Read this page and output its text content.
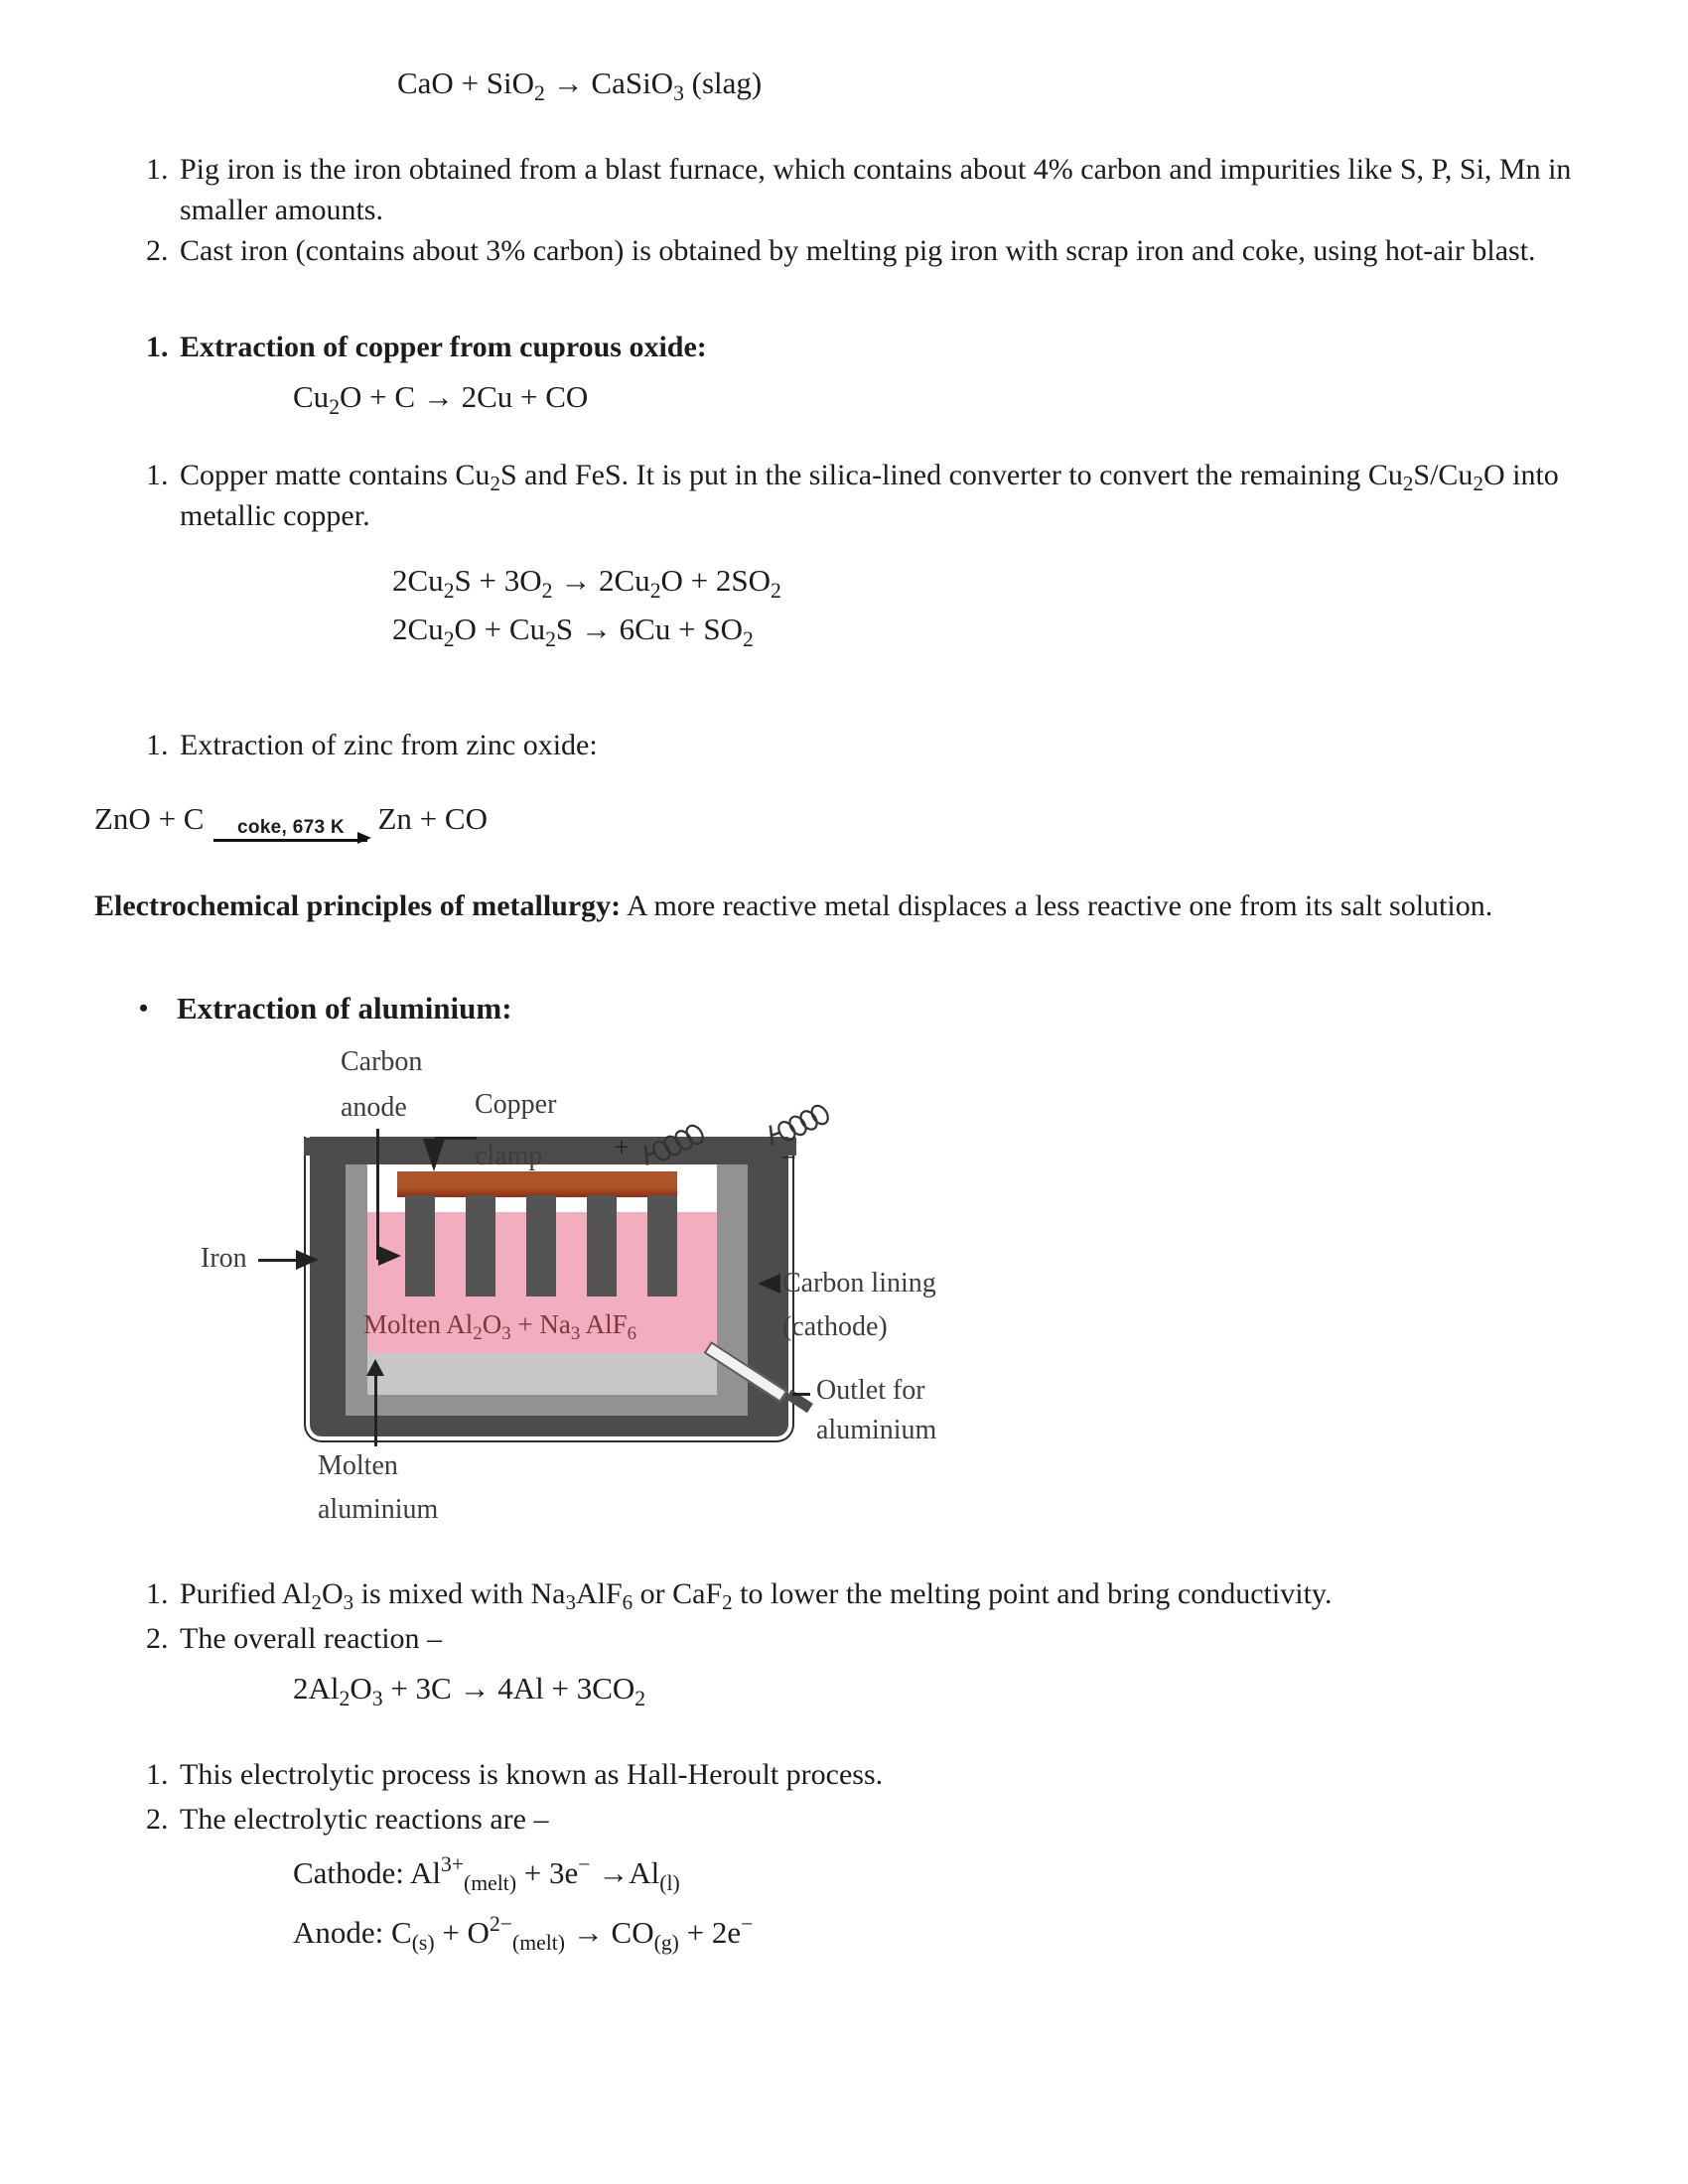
CaO + SiO$_2$ → CaSiO$_3$ (slag)
1. Pig iron is the iron obtained from a blast furnace, which contains about 4% carbon and impurities like S, P, Si, Mn in smaller amounts.
2. Cast iron (contains about 3% carbon) is obtained by melting pig iron with scrap iron and coke, using hot-air blast.
1. Extraction of copper from cuprous oxide:
$Cu_2O + C \to 2Cu$ + CO
1. Copper matte contains $Cu_2S$ and FeS. It is put in the silica-lined converter to convert the remaining $Cu_2S/Cu_2O$ into metallic copper.
$2Cu_2S + 3O_2 \to 2Cu_2O + 2SO_2$
$2Cu_2O + Cu_2S \to 6Cu + SO_2$
1. Extraction of zinc from zinc oxide:
ZnO + C coke, 673 K Zn + CO
Electrochemical principles of metallurgy: A more reactive metal displaces a less reactive one from its salt solution.
• Extraction of aluminium:
+	−
Carbon
anode	Copper
clamp
Iron
Molten $Al_2O_3 + Na_3$ AlF$_6$
Carbon lining
(cathode)
Outlet for
aluminium
Molten
aluminium
1. Purified $Al_2O_3$ is mixed with $Na_3AlF_6$ or CaF$_2$ to lower the melting point and bring conductivity.
2. The overall reaction –
$2Al_2O_3 + 3C \to 4Al + 3CO_2$
1. This electrolytic process is known as Hall-Heroult process.
2. The electrolytic reactions are –
Cathode: $Al^{3+}_{(melt)} + 3e^- \to Al_{(l)}$
Anode: $C_{(s)} + O^{2-}_{(melt)} \to CO_{(g)} + 2e^-$
